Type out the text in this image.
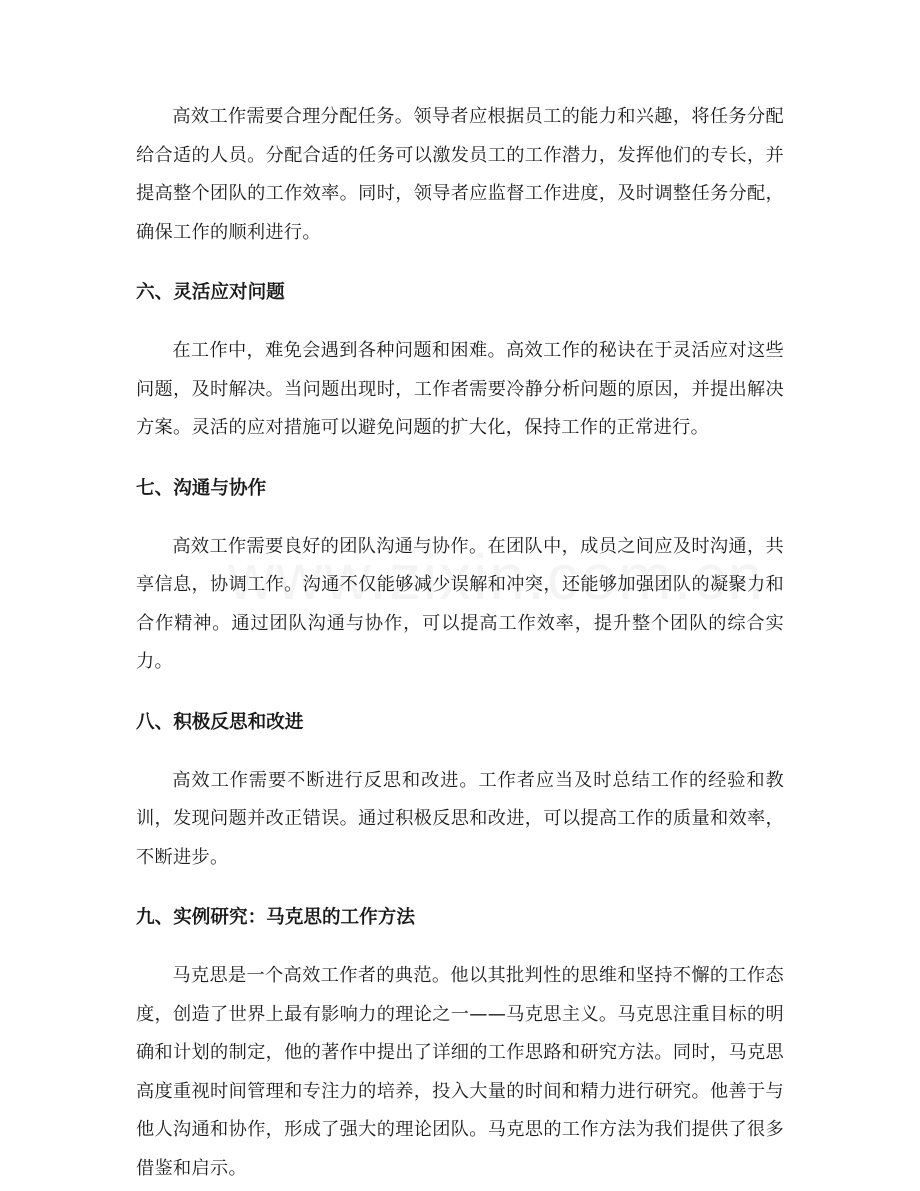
高效工作需要合理分配任务。领导者应根据员工的能力和兴趣，将任务分配给合适的人员。分配合适的任务可以激发员工的工作潜力，发挥他们的专长，并提高整个团队的工作效率。同时，领导者应监督工作进度，及时调整任务分配，确保工作的顺利进行。

六、灵活应对问题

在工作中，难免会遇到各种问题和困难。高效工作的秘诀在于灵活应对这些问题，及时解决。当问题出现时，工作者需要冷静分析问题的原因，并提出解决方案。灵活的应对措施可以避免问题的扩大化，保持工作的正常进行。

七、沟通与协作

高效工作需要良好的团队沟通与协作。在团队中，成员之间应及时沟通，共享信息，协调工作。沟通不仅能够减少误解和冲突，还能够加强团队的凝聚力和合作精神。通过团队沟通与协作，可以提高工作效率，提升整个团队的综合实力。

八、积极反思和改进

高效工作需要不断进行反思和改进。工作者应当及时总结工作的经验和教训，发现问题并改正错误。通过积极反思和改进，可以提高工作的质量和效率，不断进步。

九、实例研究：马克思的工作方法

马克思是一个高效工作者的典范。他以其批判性的思维和坚持不懈的工作态度，创造了世界上最有影响力的理论之一——马克思主义。马克思注重目标的明确和计划的制定，他的著作中提出了详细的工作思路和研究方法。同时，马克思高度重视时间管理和专注力的培养，投入大量的时间和精力进行研究。他善于与他人沟通和协作，形成了强大的理论团队。马克思的工作方法为我们提供了很多借鉴和启示。
